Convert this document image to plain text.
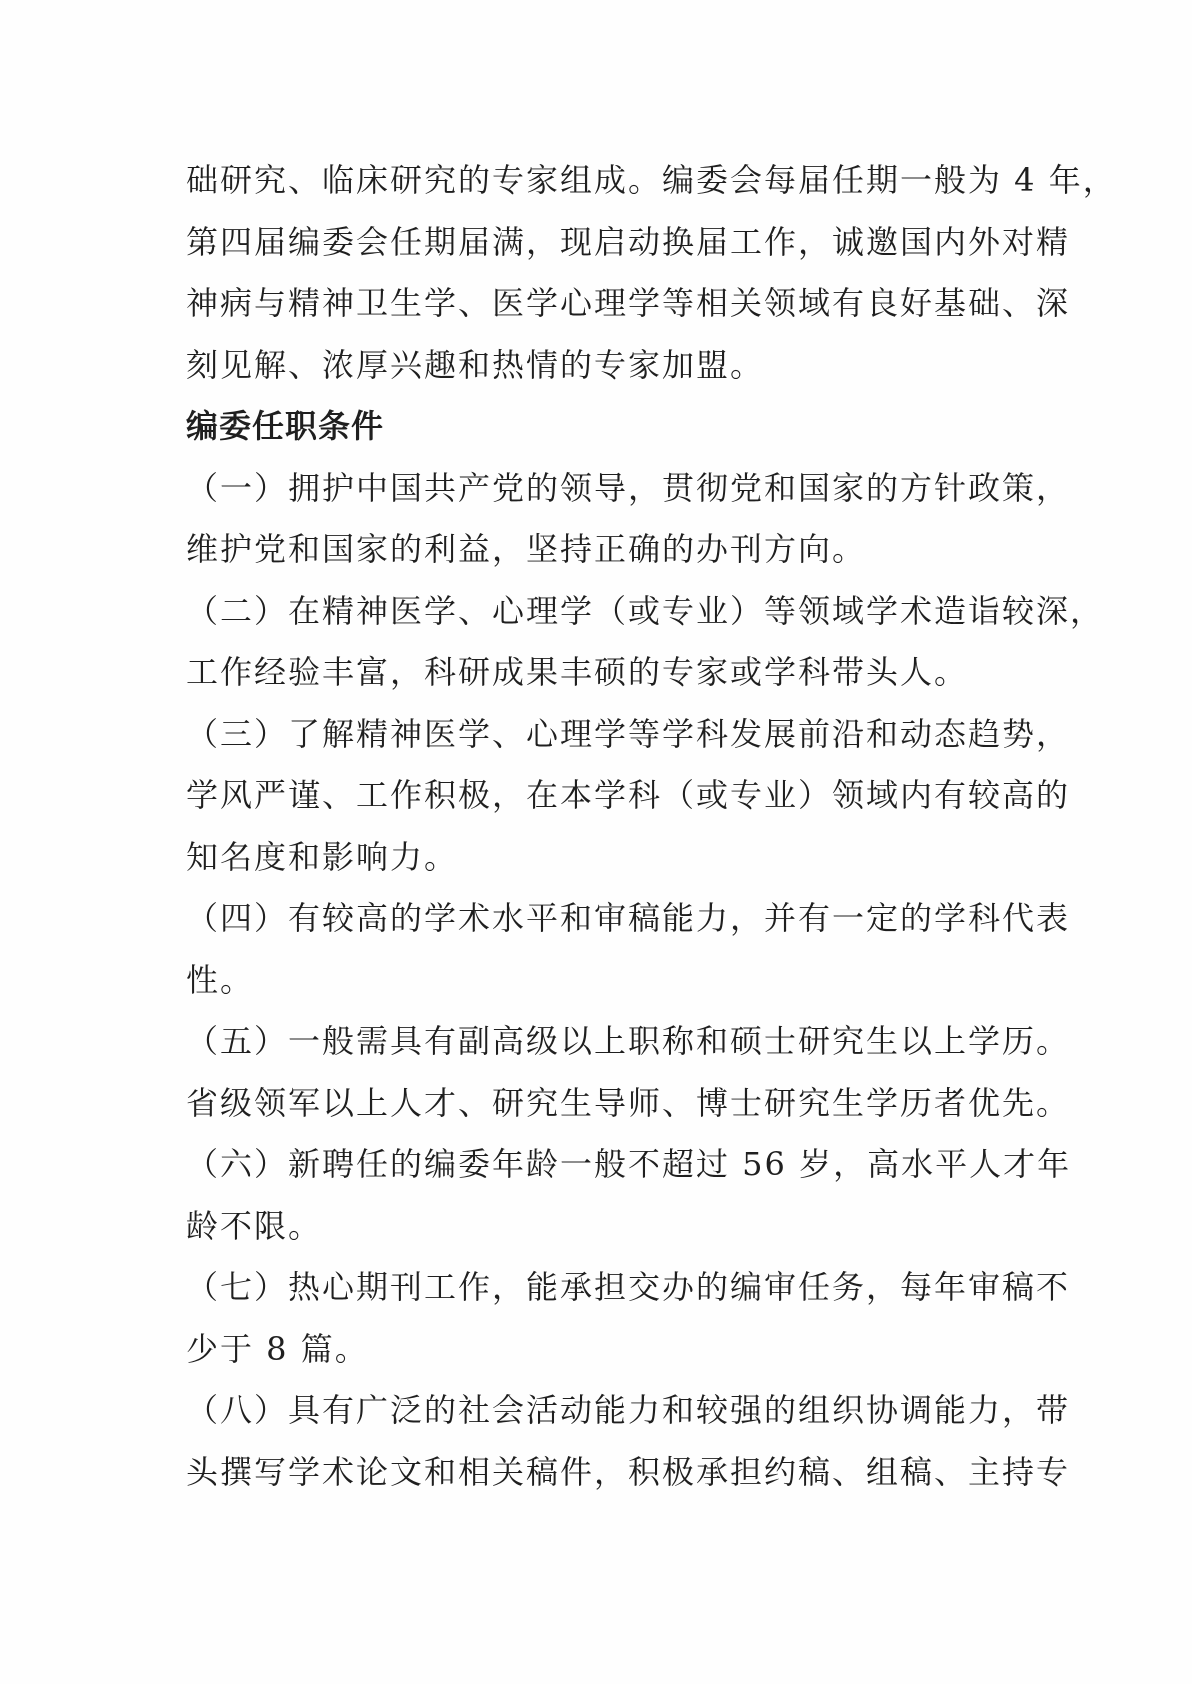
础研究、临床研究的专家组成。编委会每届任期一般为 4 年，
第四届编委会任期届满，现启动换届工作，诚邀国内外对精
神病与精神卫生学、医学心理学等相关领域有良好基础、深
刻见解、浓厚兴趣和热情的专家加盟。
编委任职条件
（一）拥护中国共产党的领导，贯彻党和国家的方针政策，
维护党和国家的利益，坚持正确的办刊方向。
（二）在精神医学、心理学（或专业）等领域学术造诣较深，
工作经验丰富，科研成果丰硕的专家或学科带头人。
（三）了解精神医学、心理学等学科发展前沿和动态趋势，
学风严谨、工作积极，在本学科（或专业）领域内有较高的
知名度和影响力。
（四）有较高的学术水平和审稿能力，并有一定的学科代表
性。
（五）一般需具有副高级以上职称和硕士研究生以上学历。
省级领军以上人才、研究生导师、博士研究生学历者优先。
（六）新聘任的编委年龄一般不超过 56 岁，高水平人才年
龄不限。
（七）热心期刊工作，能承担交办的编审任务，每年审稿不
少于 8 篇。
（八）具有广泛的社会活动能力和较强的组织协调能力，带
头撰写学术论文和相关稿件，积极承担约稿、组稿、主持专
